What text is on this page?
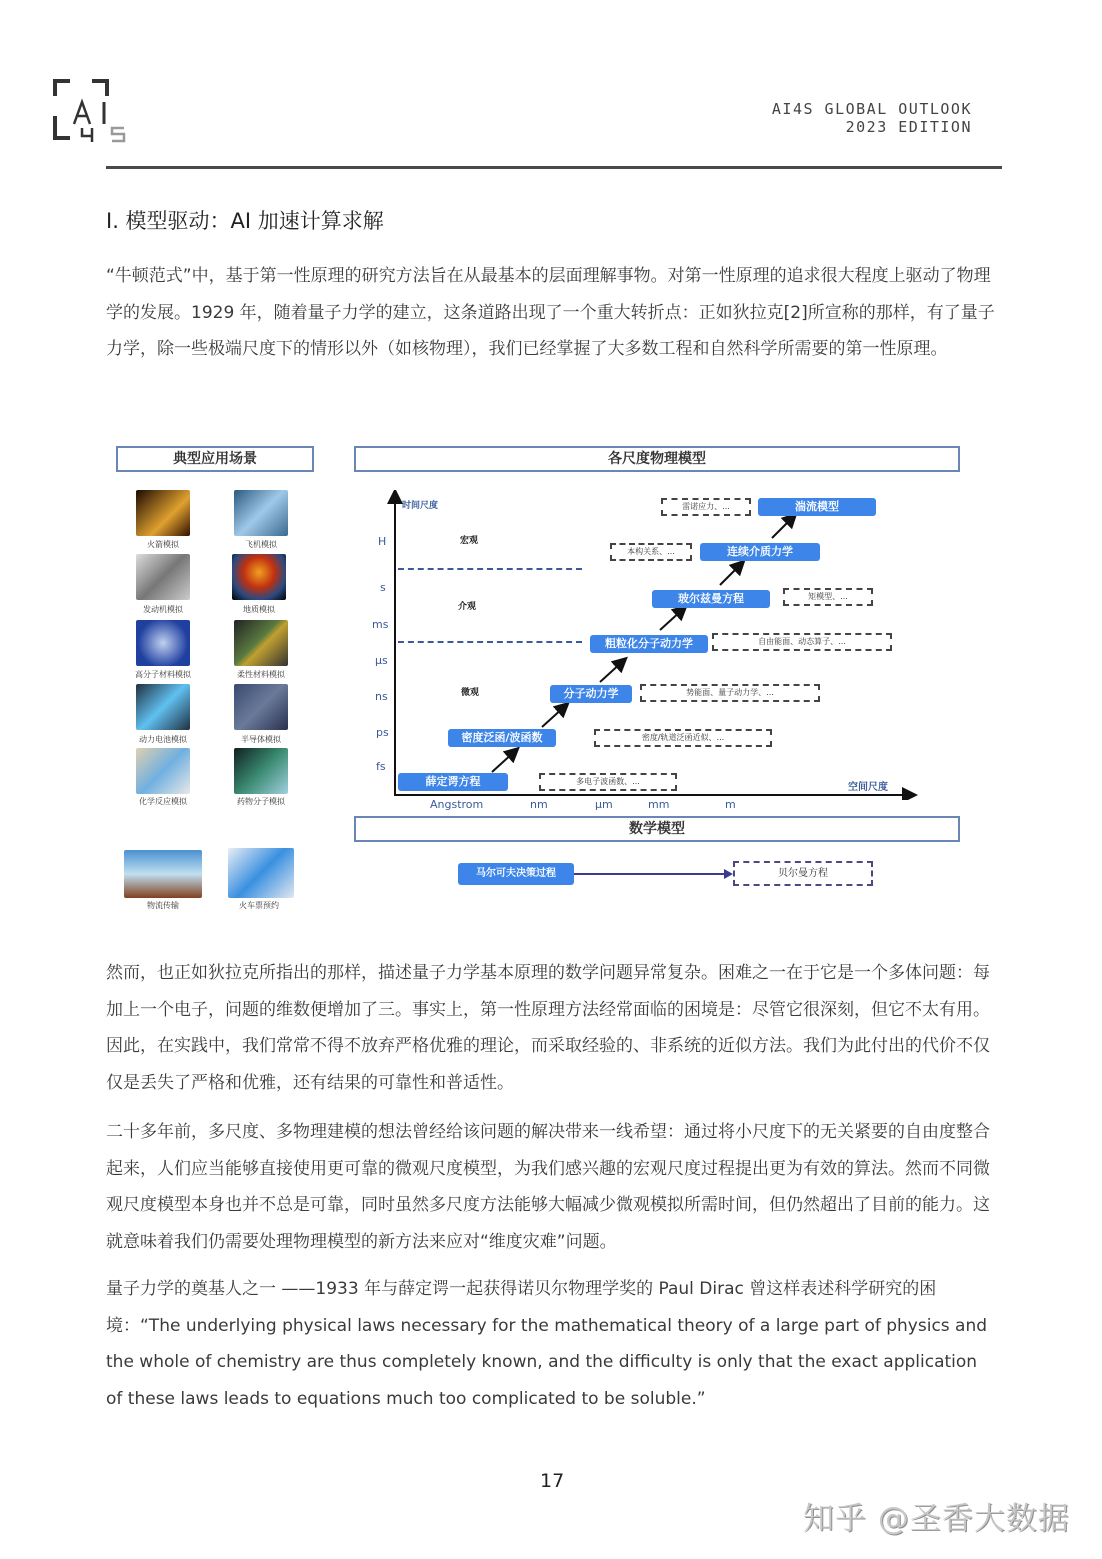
AI4S GLOBAL OUTLOOK
2023 EDITION
I. 模型驱动：AI 加速计算求解

“牛顿范式”中，基于第一性原理的研究方法旨在从最基本的层面理解事物。对第一性原理的追求很大程度上驱动了物理学的发展。1929 年，随着量子力学的建立，这条道路出现了一个重大转折点：正如狄拉克[2]所宣称的那样，有了量子力学，除一些极端尺度下的情形以外（如核物理），我们已经掌握了大多数工程和自然科学所需要的第一性原理。

典型应用场景	各尺度物理模型
火箭模拟	飞机模拟
发动机模拟	地质模拟
高分子材料模拟	柔性材料模拟
动力电池模拟	半导体模拟
化学反应模拟	药物分子模拟
物流传输	火车票预约
时间尺度
空间尺度
H
s
ms
μs
ns
ps
fs
Angstrom	nm	μm	mm	m
宏观
介观
微观
薛定谔方程	多电子波函数、...
密度泛函/波函数	密度/轨道泛函近似、...
分子动力学	势能面、量子动力学、...
粗粒化分子动力学	自由能面、动态算子、...
玻尔兹曼方程	矩模型、...
连续介质力学
本构关系、...
湍流模型
雷诺应力、...
数学模型
马尔可夫决策过程	贝尔曼方程

然而，也正如狄拉克所指出的那样，描述量子力学基本原理的数学问题异常复杂。困难之一在于它是一个多体问题：每加上一个电子，问题的维数便增加了三。事实上，第一性原理方法经常面临的困境是：尽管它很深刻，但它不太有用。因此，在实践中，我们常常不得不放弃严格优雅的理论，而采取经验的、非系统的近似方法。我们为此付出的代价不仅仅是丢失了严格和优雅，还有结果的可靠性和普适性。

二十多年前，多尺度、多物理建模的想法曾经给该问题的解决带来一线希望：通过将小尺度下的无关紧要的自由度整合起来，人们应当能够直接使用更可靠的微观尺度模型，为我们感兴趣的宏观尺度过程提出更为有效的算法。然而不同微观尺度模型本身也并不总是可靠，同时虽然多尺度方法能够大幅减少微观模拟所需时间，但仍然超出了目前的能力。这就意味着我们仍需要处理物理模型的新方法来应对“维度灾难”问题。

量子力学的奠基人之一 ——1933 年与薛定谔一起获得诺贝尔物理学奖的 Paul Dirac 曾这样表述科学研究的困境：“The underlying physical laws necessary for the mathematical theory of a large part of physics and the whole of chemistry are thus completely known, and the difficulty is only that the exact application of these laws leads to equations much too complicated to be soluble.”

17
知乎 @圣香大数据
